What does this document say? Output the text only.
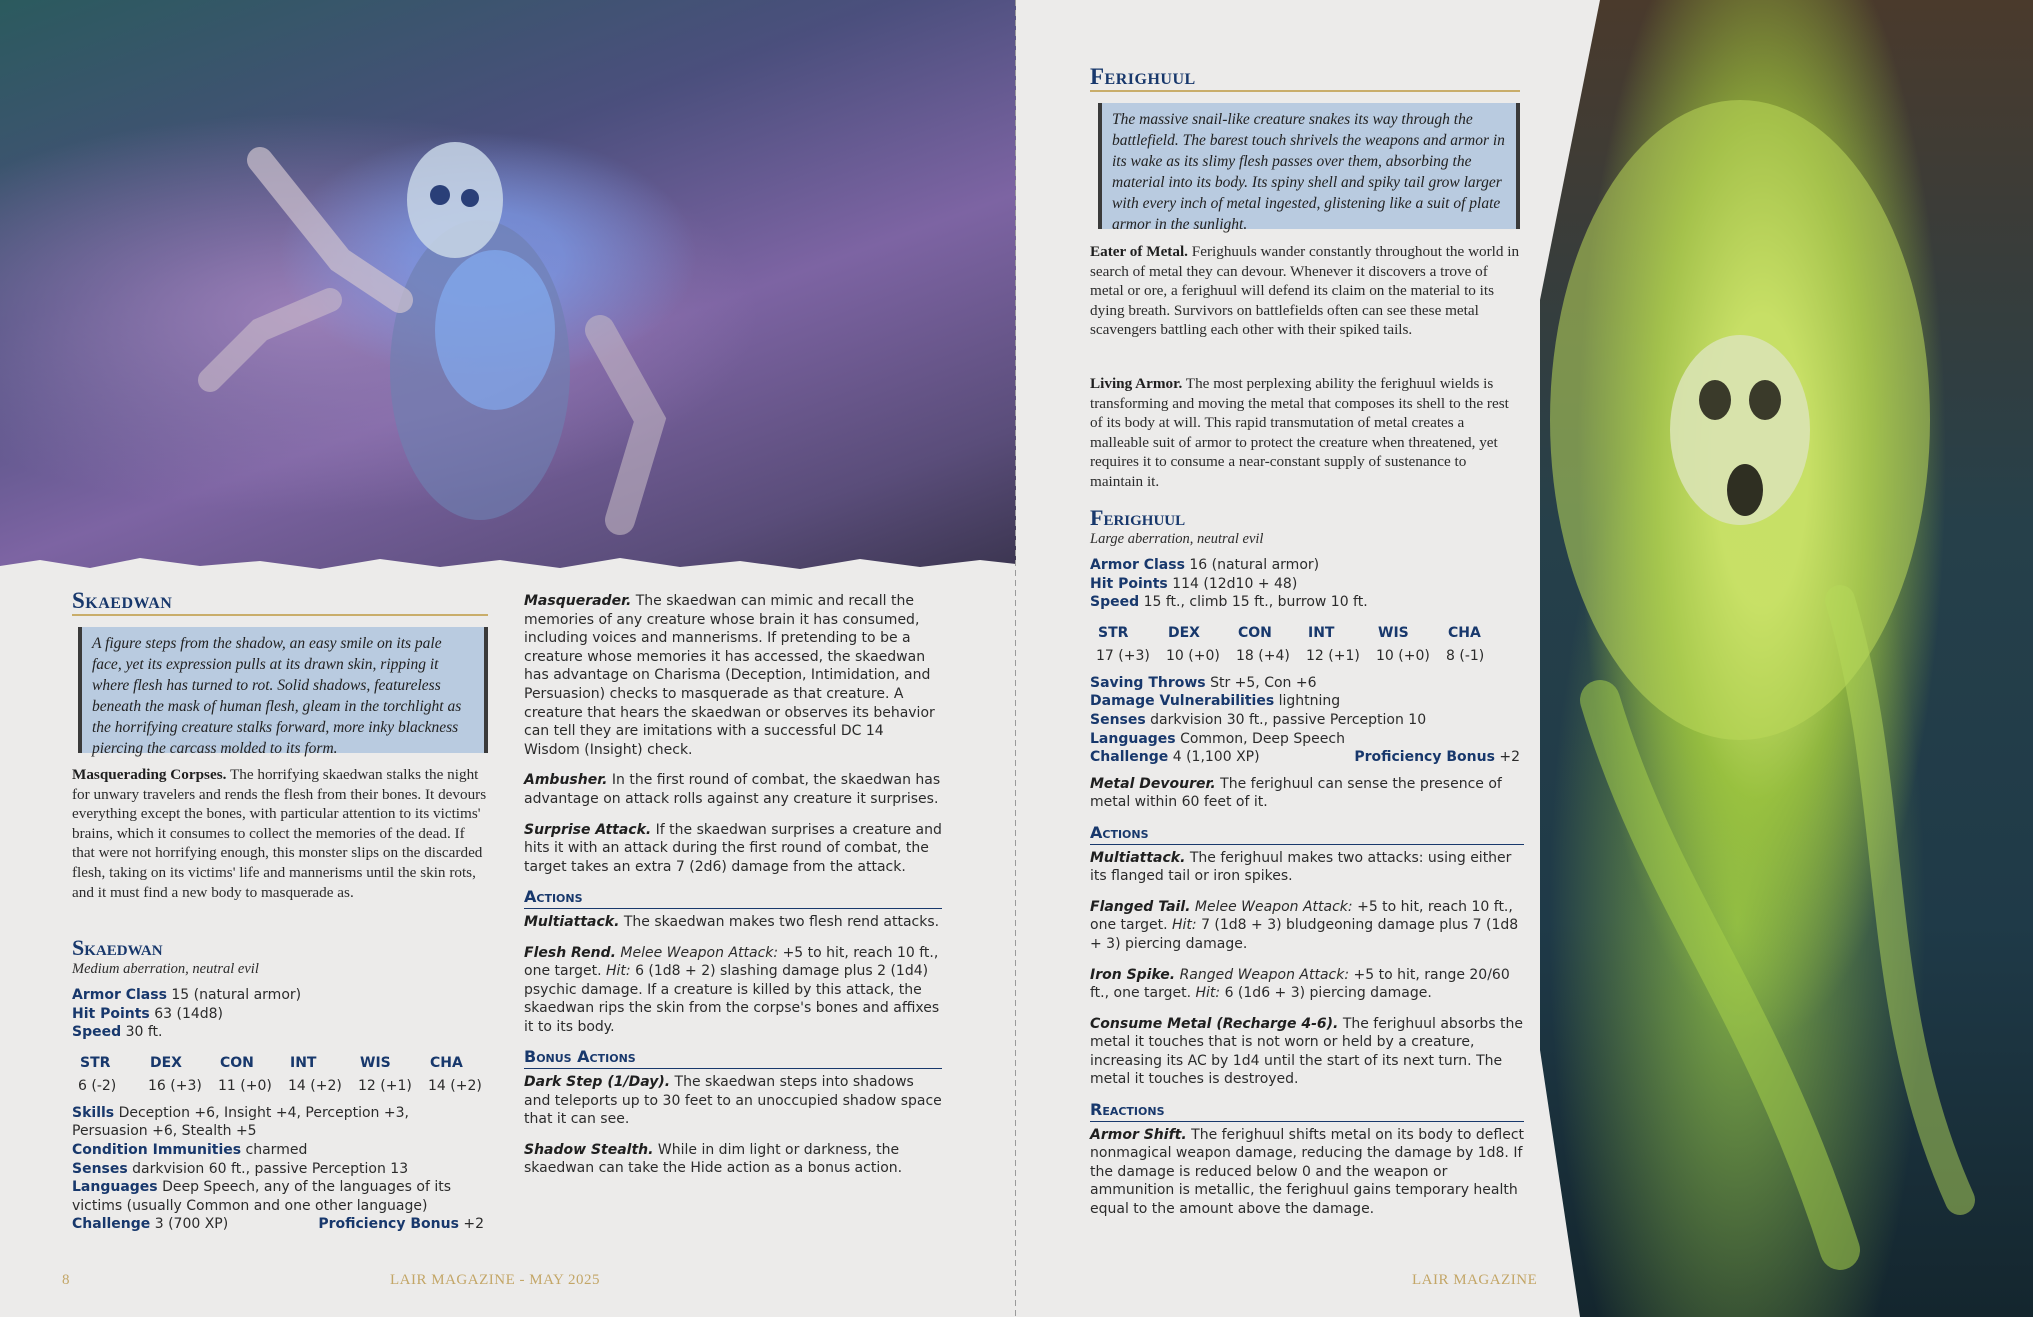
Skaedwan
A figure steps from the shadow, an easy smile on its pale face, yet its expression pulls at its drawn skin, ripping it where flesh has turned to rot. Solid shadows, featureless beneath the mask of human flesh, gleam in the torchlight as the horrifying creature stalks forward, more inky blackness piercing the carcass molded to its form.
Masquerading Corpses. The horrifying skaedwan stalks the night for unwary travelers and rends the flesh from their bones. It devours everything except the bones, with particular attention to its victims' brains, which it consumes to collect the memories of the dead. If that were not horrifying enough, this monster slips on the discarded flesh, taking on its victims' life and mannerisms until the skin rots, and it must find a new body to masquerade as.
Skaedwan
Medium aberration, neutral evil
Armor Class 15 (natural armor)
Hit Points 63 (14d8)
Speed 30 ft.
STR	DEX	CON	INT	WIS	CHA
6 (-2)	16 (+3)	11 (+0)	14 (+2)	12 (+1)	14 (+2)
Skills Deception +6, Insight +4, Perception +3, Persuasion +6, Stealth +5
Condition Immunities charmed
Senses darkvision 60 ft., passive Perception 13
Languages Deep Speech, any of the languages of its victims (usually Common and one other language)
Challenge 3 (700 XP)	Proficiency Bonus +2
Masquerader. The skaedwan can mimic and recall the memories of any creature whose brain it has consumed, including voices and mannerisms. If pretending to be a creature whose memories it has accessed, the skaedwan has advantage on Charisma (Deception, Intimidation, and Persuasion) checks to masquerade as that creature. A creature that hears the skaedwan or observes its behavior can tell they are imitations with a successful DC 14 Wisdom (Insight) check.
Ambusher. In the first round of combat, the skaedwan has advantage on attack rolls against any creature it surprises.
Surprise Attack. If the skaedwan surprises a creature and hits it with an attack during the first round of combat, the target takes an extra 7 (2d6) damage from the attack.
Actions
Multiattack. The skaedwan makes two flesh rend attacks.
Flesh Rend. Melee Weapon Attack: +5 to hit, reach 10 ft., one target. Hit: 6 (1d8 + 2) slashing damage plus 2 (1d4) psychic damage. If a creature is killed by this attack, the skaedwan rips the skin from the corpse's bones and affixes it to its body.
Bonus Actions
Dark Step (1/Day). The skaedwan steps into shadows and teleports up to 30 feet to an unoccupied shadow space that it can see.
Shadow Stealth. While in dim light or darkness, the skaedwan can take the Hide action as a bonus action.
8	LAIR MAGAZINE - MAY 2025
Ferighuul
The massive snail-like creature snakes its way through the battlefield. The barest touch shrivels the weapons and armor in its wake as its slimy flesh passes over them, absorbing the material into its body. Its spiny shell and spiky tail grow larger with every inch of metal ingested, glistening like a suit of plate armor in the sunlight.
Eater of Metal. Ferighuuls wander constantly throughout the world in search of metal they can devour. Whenever it discovers a trove of metal or ore, a ferighuul will defend its claim on the material to its dying breath. Survivors on battlefields often can see these metal scavengers battling each other with their spiked tails.
Living Armor. The most perplexing ability the ferighuul wields is transforming and moving the metal that composes its shell to the rest of its body at will. This rapid transmutation of metal creates a malleable suit of armor to protect the creature when threatened, yet requires it to consume a near-constant supply of sustenance to maintain it.
Ferighuul
Large aberration, neutral evil
Armor Class 16 (natural armor)
Hit Points 114 (12d10 + 48)
Speed 15 ft., climb 15 ft., burrow 10 ft.
STR	DEX	CON	INT	WIS	CHA
17 (+3)	10 (+0)	18 (+4)	12 (+1)	10 (+0)	8 (-1)
Saving Throws Str +5, Con +6
Damage Vulnerabilities lightning
Senses darkvision 30 ft., passive Perception 10
Languages Common, Deep Speech
Challenge 4 (1,100 XP)	Proficiency Bonus +2
Metal Devourer. The ferighuul can sense the presence of metal within 60 feet of it.
Actions
Multiattack. The ferighuul makes two attacks: using either its flanged tail or iron spikes.
Flanged Tail. Melee Weapon Attack: +5 to hit, reach 10 ft., one target. Hit: 7 (1d8 + 3) bludgeoning damage plus 7 (1d8 + 3) piercing damage.
Iron Spike. Ranged Weapon Attack: +5 to hit, range 20/60 ft., one target. Hit: 6 (1d6 + 3) piercing damage.
Consume Metal (Recharge 4-6). The ferighuul absorbs the metal it touches that is not worn or held by a creature, increasing its AC by 1d4 until the start of its next turn. The metal it touches is destroyed.
Reactions
Armor Shift. The ferighuul shifts metal on its body to deflect nonmagical weapon damage, reducing the damage by 1d8. If the damage is reduced below 0 and the weapon or ammunition is metallic, the ferighuul gains temporary health equal to the amount above the damage.
LAIR MAGAZINE
